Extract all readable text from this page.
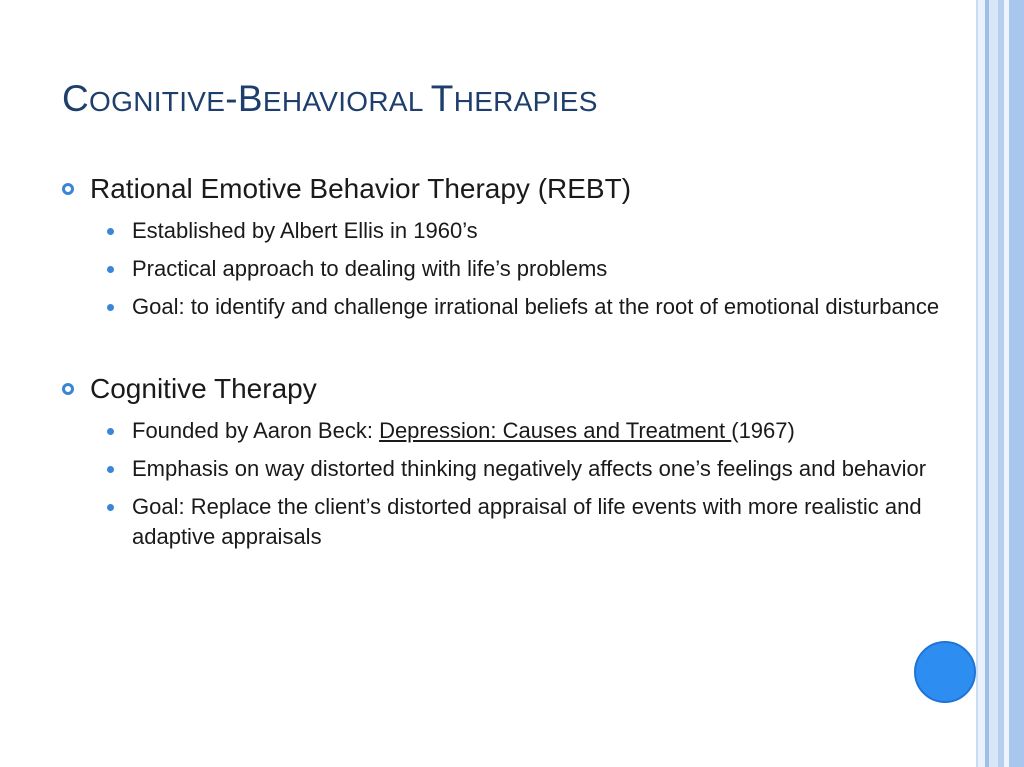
COGNITIVE-BEHAVIORAL THERAPIES
Rational Emotive Behavior Therapy (REBT)
Established by Albert Ellis in 1960’s
Practical approach to dealing with life’s problems
Goal: to identify and challenge irrational beliefs at the root of emotional disturbance
Cognitive Therapy
Founded by Aaron Beck: Depression: Causes and Treatment (1967)
Emphasis on way distorted thinking negatively affects one’s feelings and behavior
Goal: Replace the client’s distorted appraisal of life events with more realistic and adaptive appraisals
